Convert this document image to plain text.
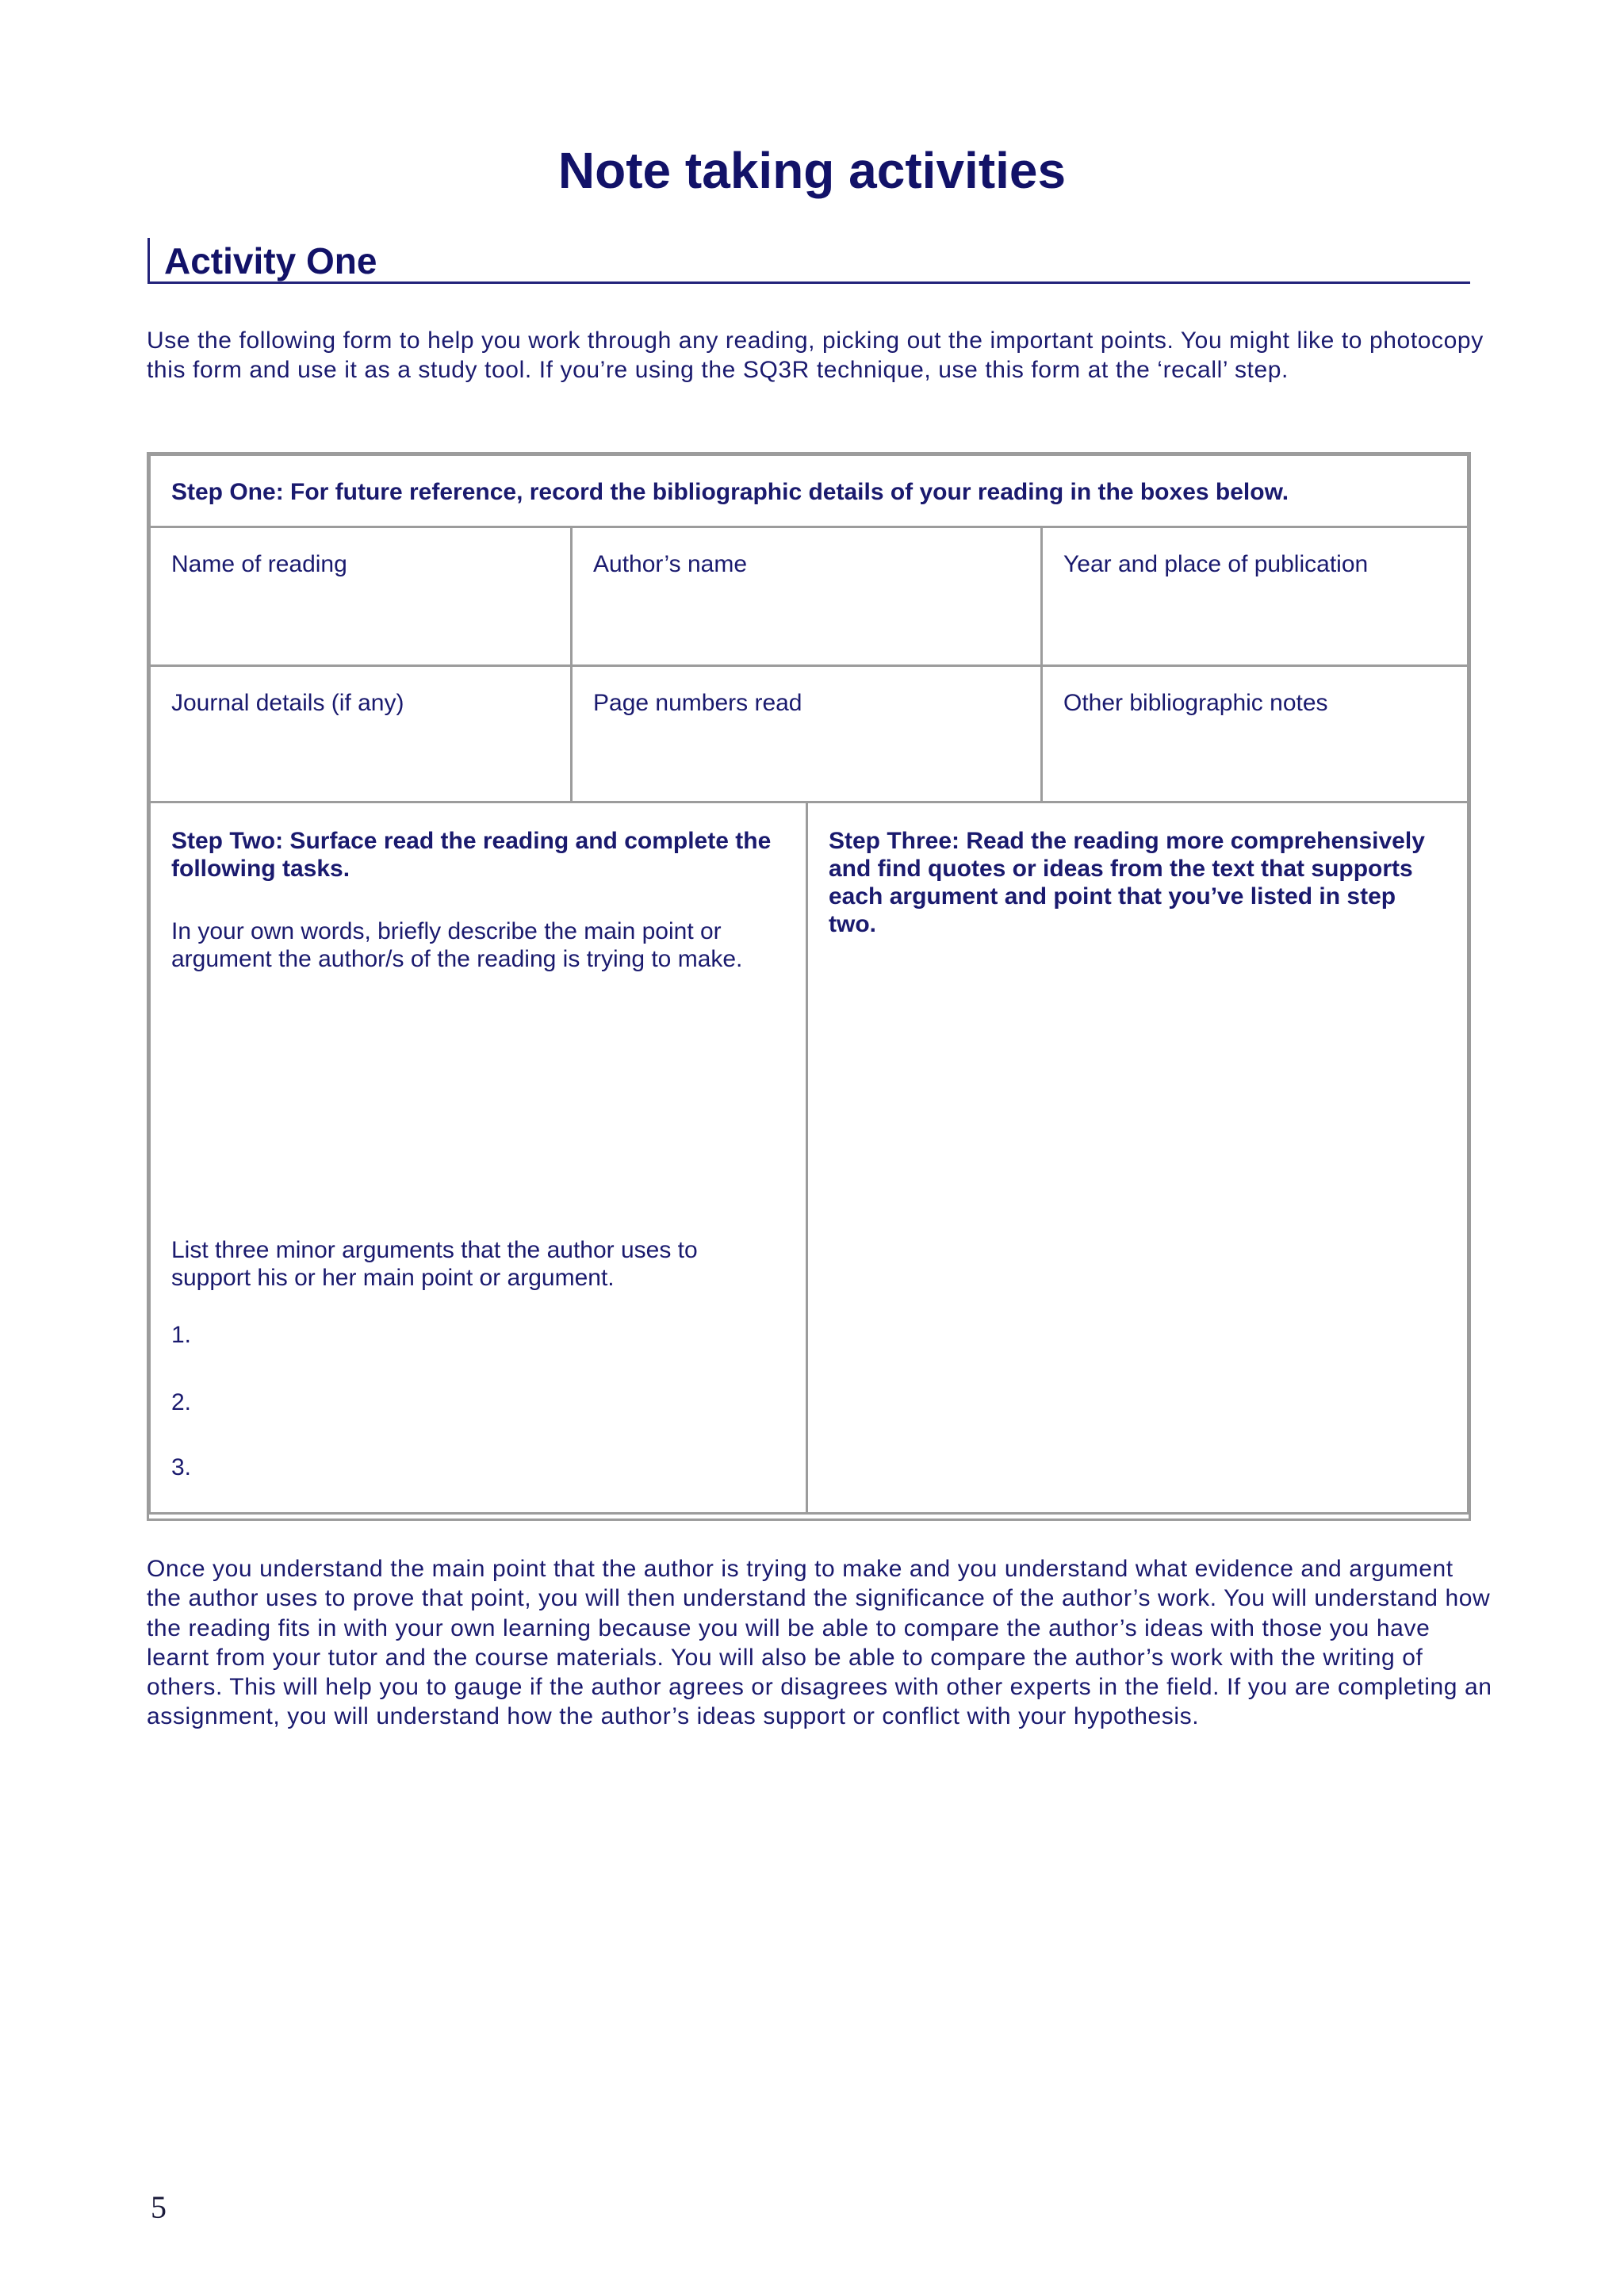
Note taking activities
Activity One

Use the following form to help you work through any reading, picking out the important points. You might like to photocopy this form and use it as a study tool. If you’re using the SQ3R technique, use this form at the ‘recall’ step.

Step One: For future reference, record the bibliographic details of your reading in the boxes below.

Name of reading	Author’s name	Year and place of publication

Journal details (if any)	Page numbers read	Other bibliographic notes

Step Two: Surface read the reading and complete the following tasks.

In your own words, briefly describe the main point or argument the author/s of the reading is trying to make.

List three minor arguments that the author uses to support his or her main point or argument.

1.

2.

3.

Step Three: Read the reading more comprehensively and find quotes or ideas from the text that supports each argument and point that you’ve listed in step two.

Once you understand the main point that the author is trying to make and you understand what evidence and argument the author uses to prove that point, you will then understand the significance of the author’s work. You will understand how the reading fits in with your own learning because you will be able to compare the author’s ideas with those you have learnt from your tutor and the course materials. You will also be able to compare the author’s work with the writing of others. This will help you to gauge if the author agrees or disagrees with other experts in the field. If you are completing an assignment, you will understand how the author’s ideas support or conflict with your hypothesis.

5
